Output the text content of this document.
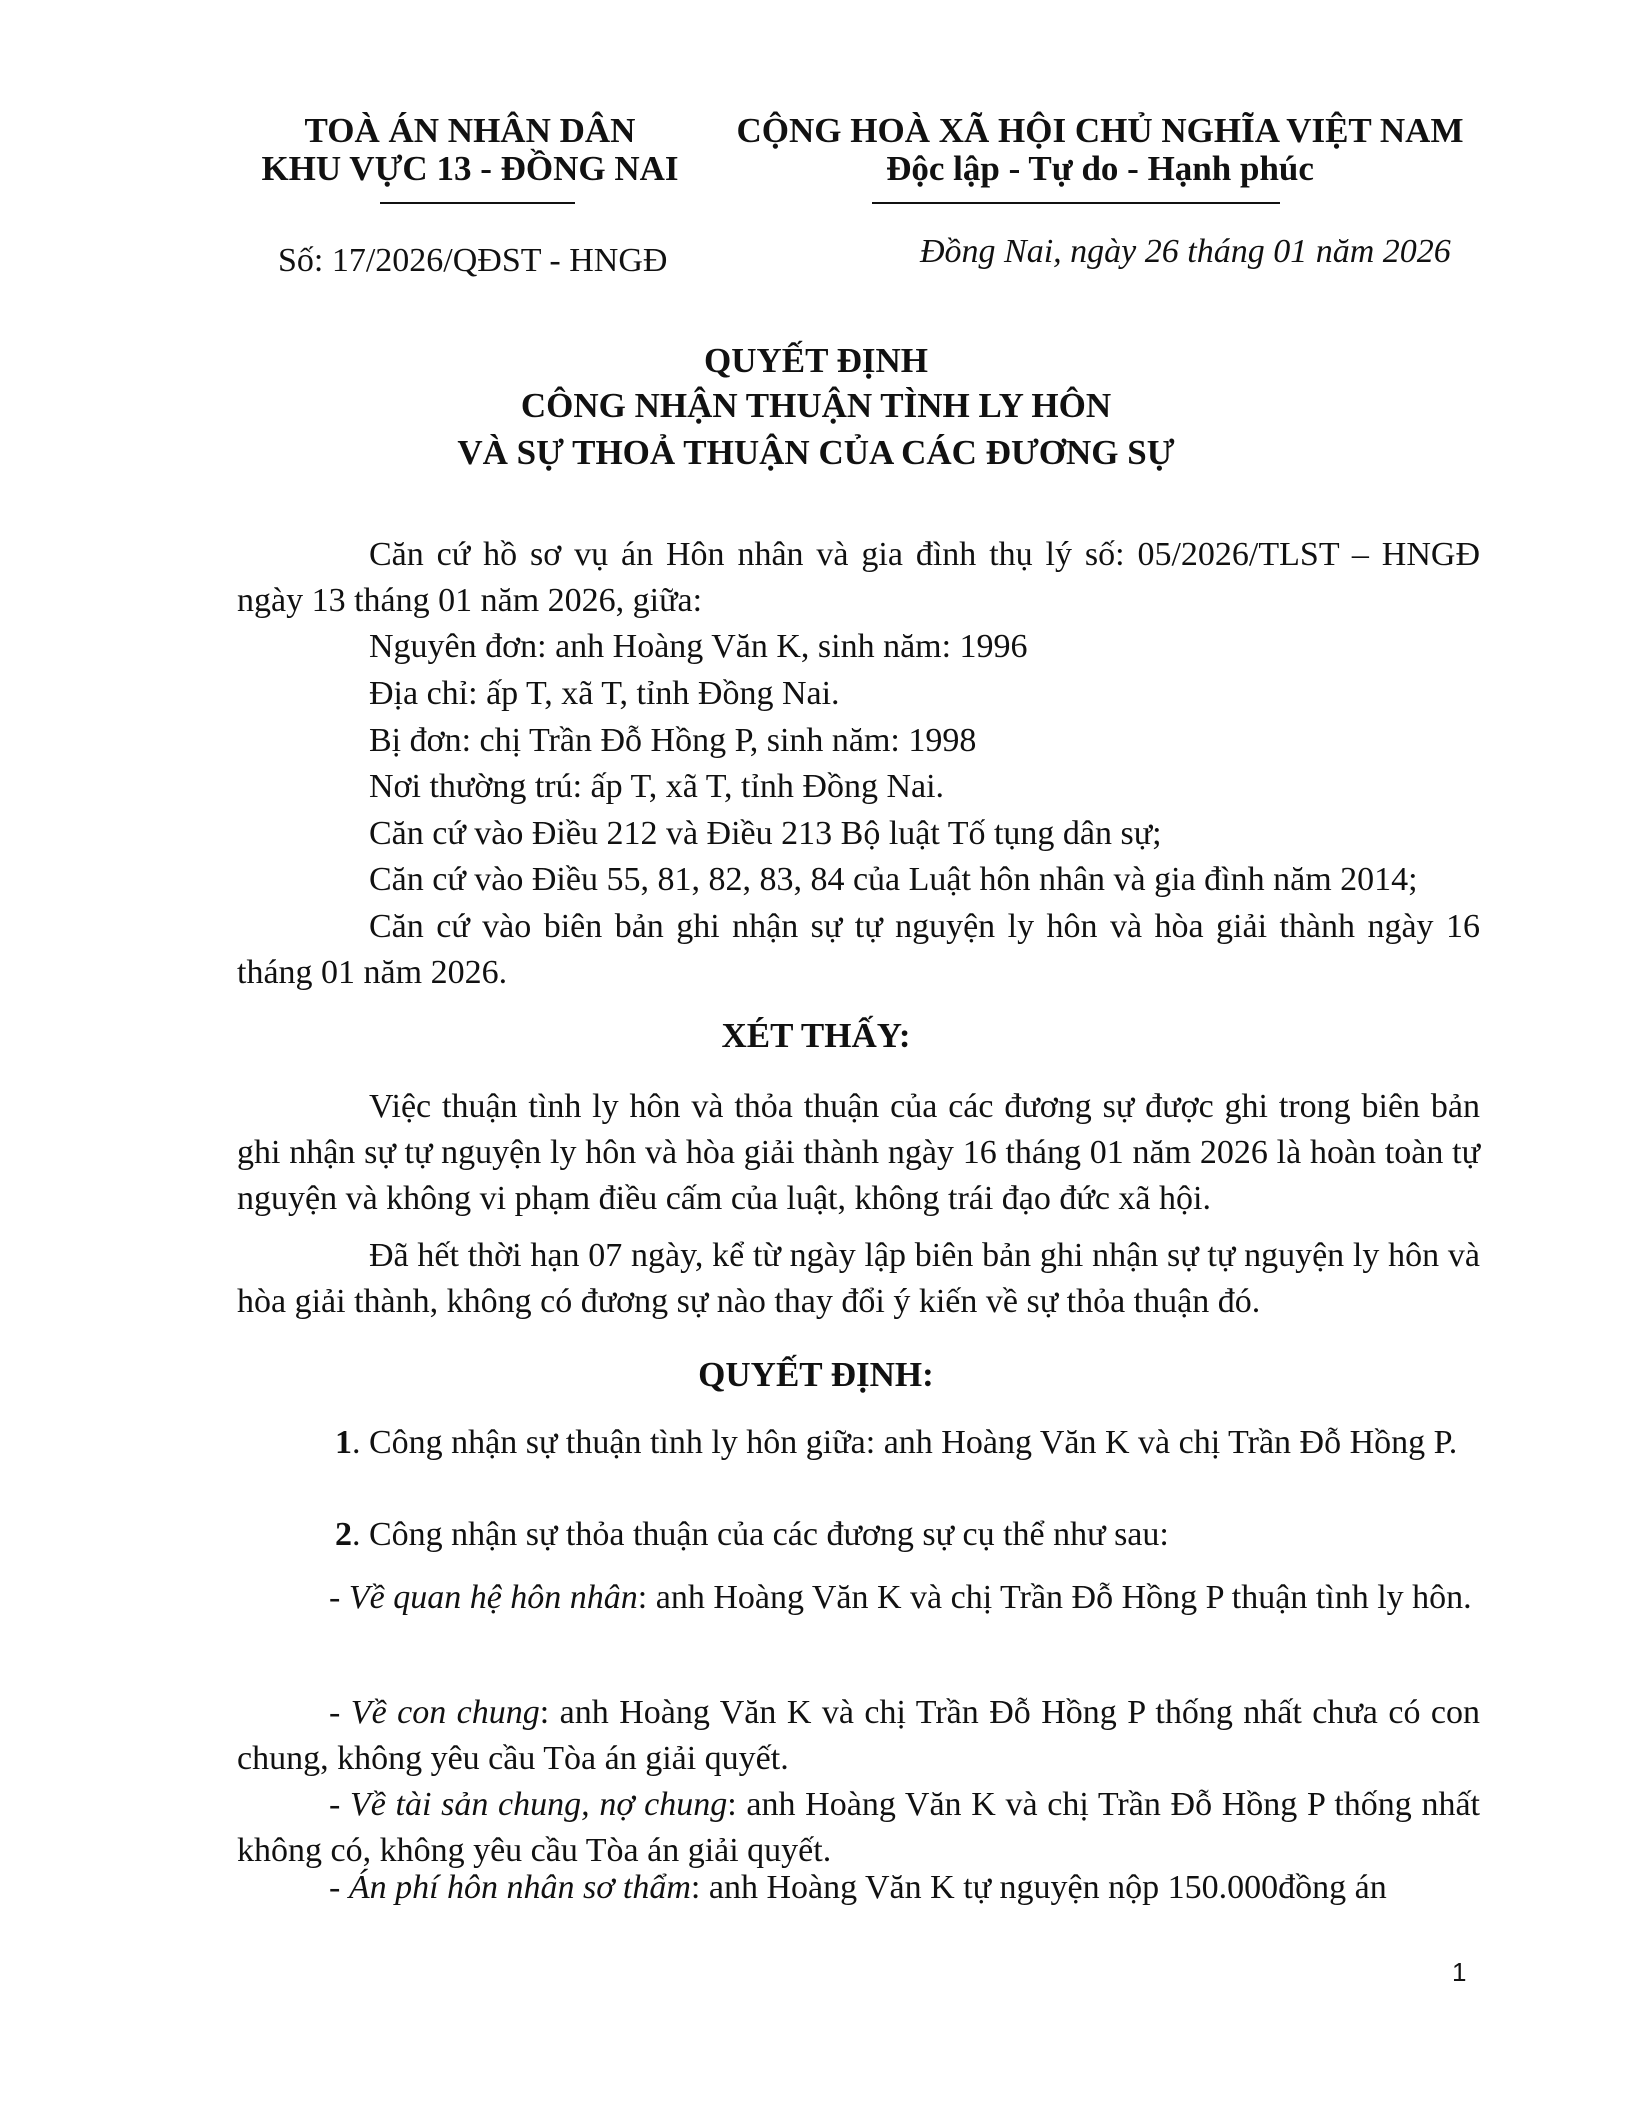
TOÀ ÁN NHÂN DÂN
KHU VỰC 13 - ĐỒNG NAI
CỘNG HOÀ XÃ HỘI CHỦ NGHĨA VIỆT NAM
Độc lập - Tự do - Hạnh phúc
Số: 17/2026/QĐST - HNGĐ	Đồng Nai, ngày 26 tháng 01 năm 2026
QUYẾT ĐỊNH
CÔNG NHẬN THUẬN TÌNH LY HÔN
VÀ SỰ THOẢ THUẬN CỦA CÁC ĐƯƠNG SỰ
Căn cứ hồ sơ vụ án Hôn nhân và gia đình thụ lý số: 05/2026/TLST – HNGĐ ngày 13 tháng 01 năm 2026, giữa:
Nguyên đơn: anh Hoàng Văn K, sinh năm: 1996
Địa chỉ: ấp T, xã T, tỉnh Đồng Nai.
Bị đơn: chị Trần Đỗ Hồng P, sinh năm: 1998
Nơi thường trú: ấp T, xã T, tỉnh Đồng Nai.
Căn cứ vào Điều 212 và Điều 213 Bộ luật Tố tụng dân sự;
Căn cứ vào Điều 55, 81, 82, 83, 84 của Luật hôn nhân và gia đình năm 2014;
Căn cứ vào biên bản ghi nhận sự tự nguyện ly hôn và hòa giải thành ngày 16 tháng 01 năm 2026.
XÉT THẤY:
Việc thuận tình ly hôn và thỏa thuận của các đương sự được ghi trong biên bản ghi nhận sự tự nguyện ly hôn và hòa giải thành ngày 16 tháng 01 năm 2026 là hoàn toàn tự nguyện và không vi phạm điều cấm của luật, không trái đạo đức xã hội.
Đã hết thời hạn 07 ngày, kể từ ngày lập biên bản ghi nhận sự tự nguyện ly hôn và hòa giải thành, không có đương sự nào thay đổi ý kiến về sự thỏa thuận đó.
QUYẾT ĐỊNH:
1. Công nhận sự thuận tình ly hôn giữa: anh Hoàng Văn K và chị Trần Đỗ Hồng P.
2. Công nhận sự thỏa thuận của các đương sự cụ thể như sau:
- Về quan hệ hôn nhân: anh Hoàng Văn K và chị Trần Đỗ Hồng P thuận tình ly hôn.
- Về con chung: anh Hoàng Văn K và chị Trần Đỗ Hồng P thống nhất chưa có con chung, không yêu cầu Tòa án giải quyết.
- Về tài sản chung, nợ chung: anh Hoàng Văn K và chị Trần Đỗ Hồng P thống nhất không có, không yêu cầu Tòa án giải quyết.
- Án phí hôn nhân sơ thẩm: anh Hoàng Văn K tự nguyện nộp 150.000đồng án
1
